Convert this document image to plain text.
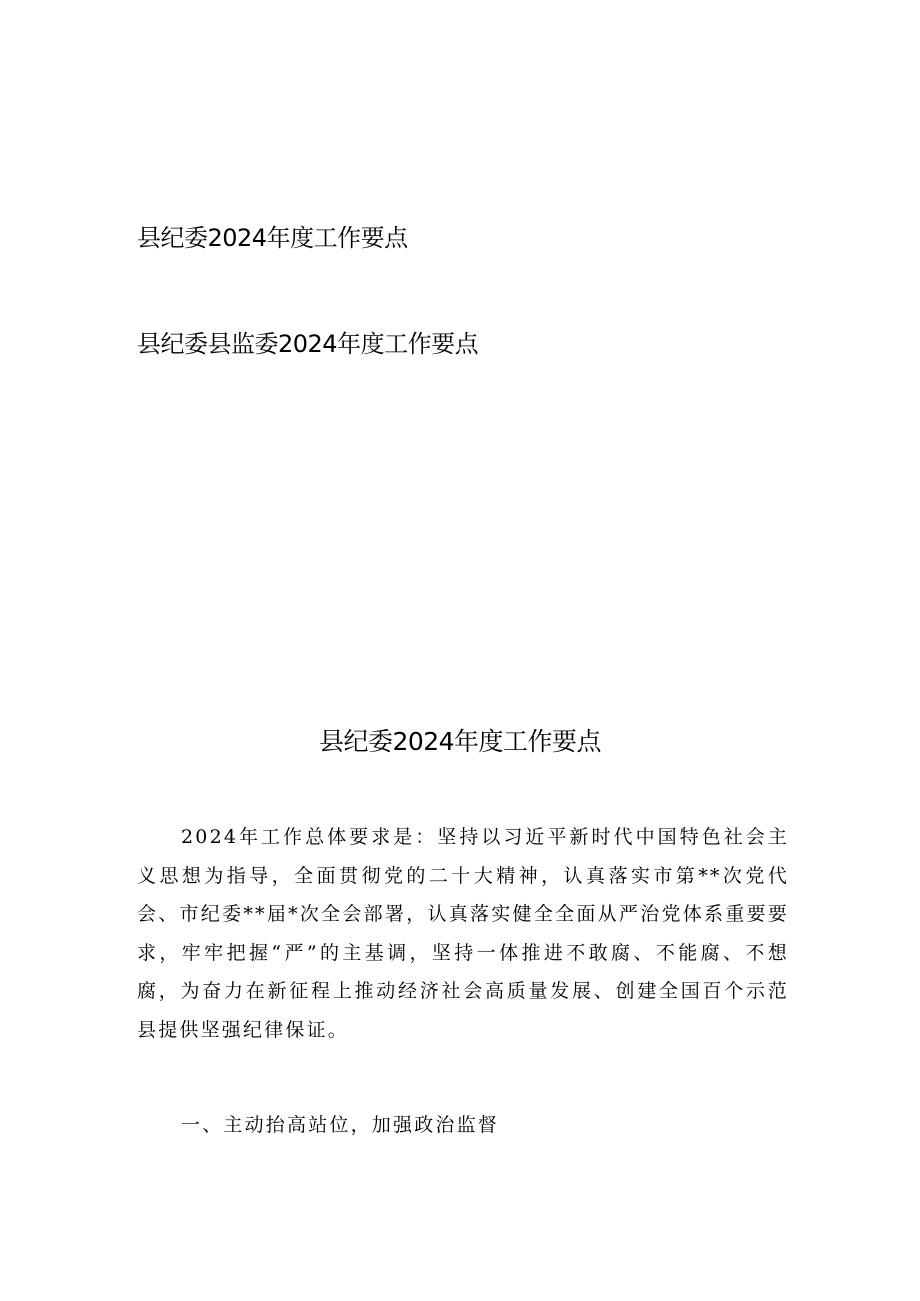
县纪委2024年度工作要点
县纪委县监委2024年度工作要点
县纪委2024年度工作要点

2024年工作总体要求是：坚持以习近平新时代中国特色社会主义思想为指导，全面贯彻党的二十大精神，认真落实市第**次党代会、市纪委**届*次全会部署，认真落实健全全面从严治党体系重要要求，牢牢把握“严”的主基调，坚持一体推进不敢腐、不能腐、不想腐，为奋力在新征程上推动经济社会高质量发展、创建全国百个示范县提供坚强纪律保证。

一、主动抬高站位，加强政治监督
